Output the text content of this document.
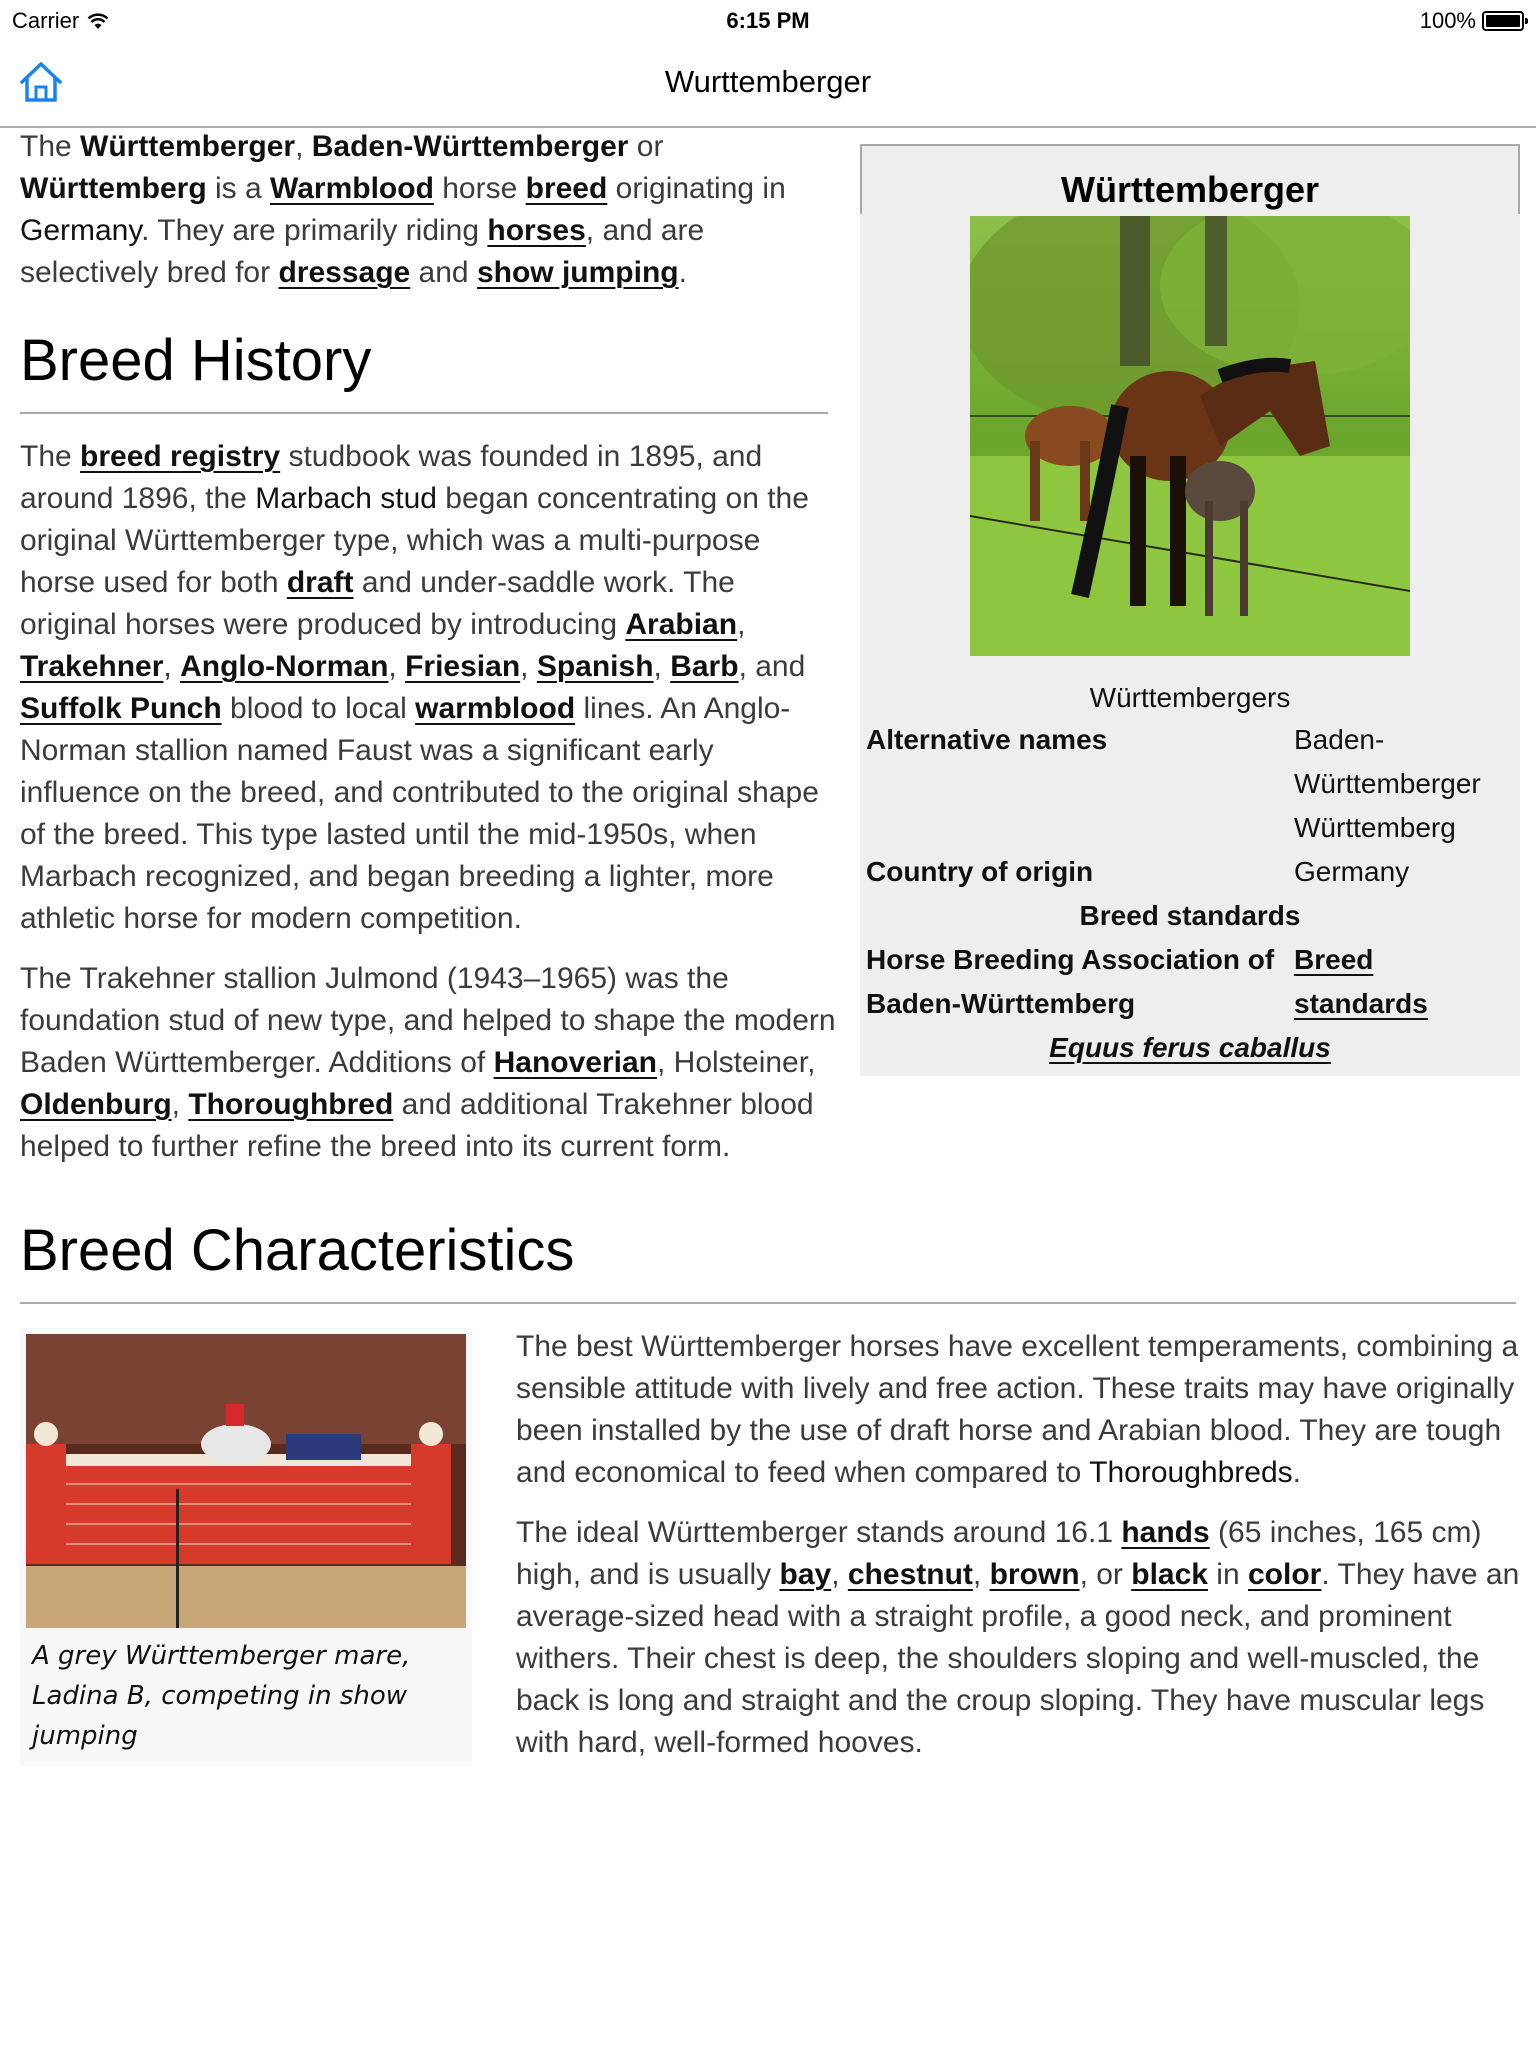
Carrier	6:15 PM	100%
Wurttemberger
Württemberger
Württembergers
Alternative names	Baden-Württemberger
Württemberg

Country of origin	Germany
Breed standards	
Horse Breeding Association of Baden-Württemberg	Breed standards
Equus ferus caballus	

The Württemberger, Baden-Württemberger or Württemberg is a Warmblood horse breed originating in Germany. They are primarily riding horses, and are selectively bred for dressage and show jumping.

Breed History

The breed registry studbook was founded in 1895, and around 1896, the Marbach stud began concentrating on the original Württemberger type, which was a multi-purpose horse used for both draft and under-saddle work. The original horses were produced by introducing Arabian, Trakehner, Anglo-Norman, Friesian, Spanish, Barb, and Suffolk Punch blood to local warmblood lines. An Anglo-Norman stallion named Faust was a significant early influence on the breed, and contributed to the original shape of the breed. This type lasted until the mid-1950s, when Marbach recognized, and began breeding a lighter, more athletic horse for modern competition.

The Trakehner stallion Julmond (1943–1965) was the foundation stud of new type, and helped to shape the modern Baden Württemberger. Additions of Hanoverian, Holsteiner, Oldenburg, Thoroughbred and additional Trakehner blood helped to further refine the breed into its current form.

Breed Characteristics
A grey Württemberger mare, Ladina B, competing in show jumping

The best Württemberger horses have excellent temperaments, combining a sensible attitude with lively and free action. These traits may have originally been installed by the use of draft horse and Arabian blood. They are tough and economical to feed when compared to Thoroughbreds.

The ideal Württemberger stands around 16.1 hands (65 inches, 165 cm) high, and is usually bay, chestnut, brown, or black in color. They have an average-sized head with a straight profile, a good neck, and prominent withers. Their chest is deep, the shoulders sloping and well-muscled, the back is long and straight and the croup sloping. They have muscular legs with hard, well-formed hooves.
